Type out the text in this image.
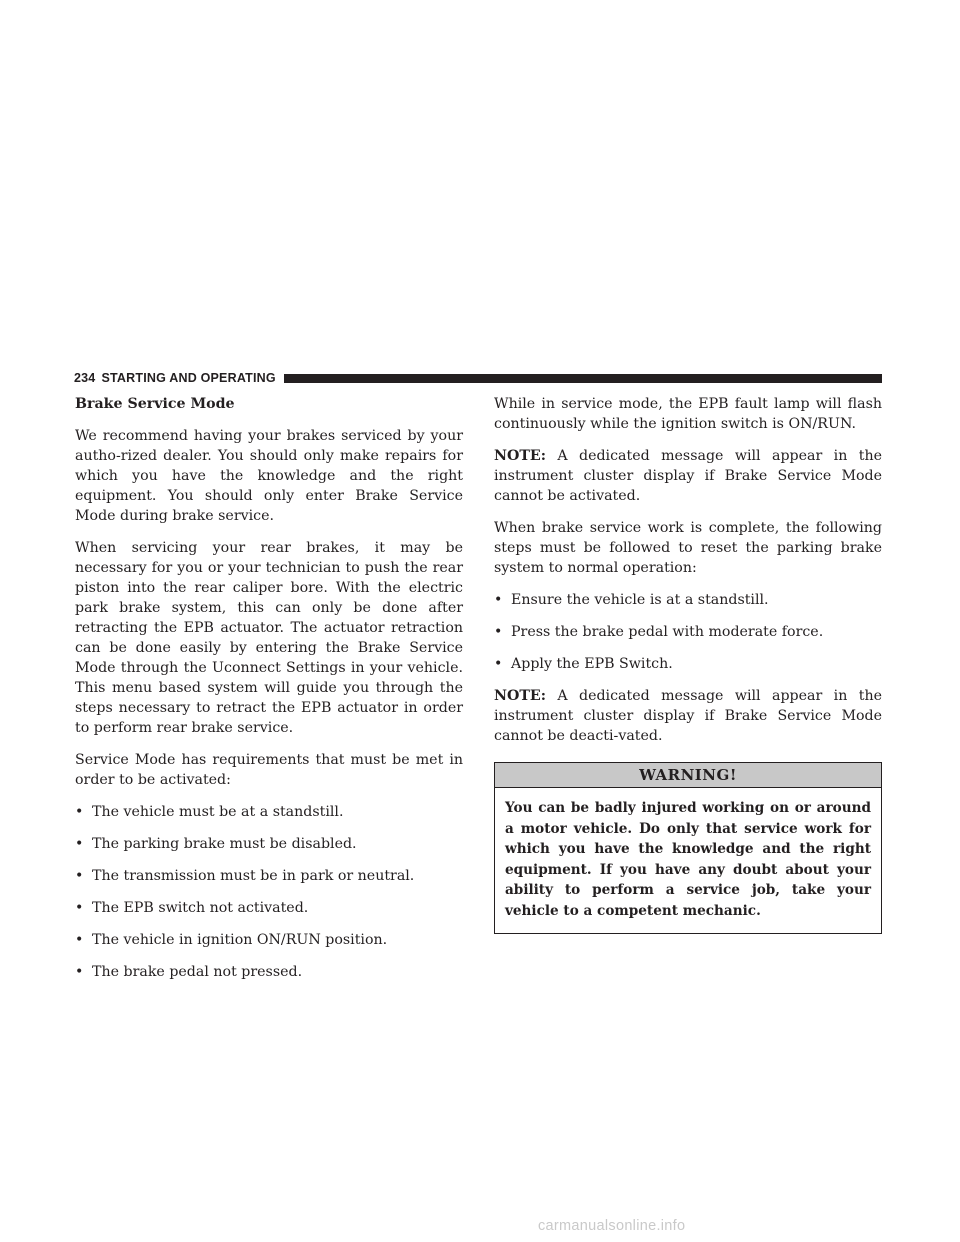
234 STARTING AND OPERATING
Brake Service Mode

We recommend having your brakes serviced by your autho-rized dealer. You should only make repairs for which you have the knowledge and the right equipment. You should only enter Brake Service Mode during brake service.

When servicing your rear brakes, it may be necessary for you or your technician to push the rear piston into the rear caliper bore. With the electric park brake system, this can only be done after retracting the EPB actuator. The actuator retraction can be done easily by entering the Brake Service Mode through the Uconnect Settings in your vehicle. This menu based system will guide you through the steps necessary to retract the EPB actuator in order to perform rear brake service.

Service Mode has requirements that must be met in order to be activated:

• The vehicle must be at a standstill.
• The parking brake must be disabled.
• The transmission must be in park or neutral.
• The EPB switch not activated.
• The vehicle in ignition ON/RUN position.
• The brake pedal not pressed.

While in service mode, the EPB fault lamp will flash continuously while the ignition switch is ON/RUN.

NOTE: A dedicated message will appear in the instrument cluster display if Brake Service Mode cannot be activated.

When brake service work is complete, the following steps must be followed to reset the parking brake system to normal operation:

• Ensure the vehicle is at a standstill.
• Press the brake pedal with moderate force.
• Apply the EPB Switch.

NOTE: A dedicated message will appear in the instrument cluster display if Brake Service Mode cannot be deacti-vated.

WARNING!
You can be badly injured working on or around a motor vehicle. Do only that service work for which you have the knowledge and the right equipment. If you have any doubt about your ability to perform a service job, take your vehicle to a competent mechanic.
carmanualsonline.info
